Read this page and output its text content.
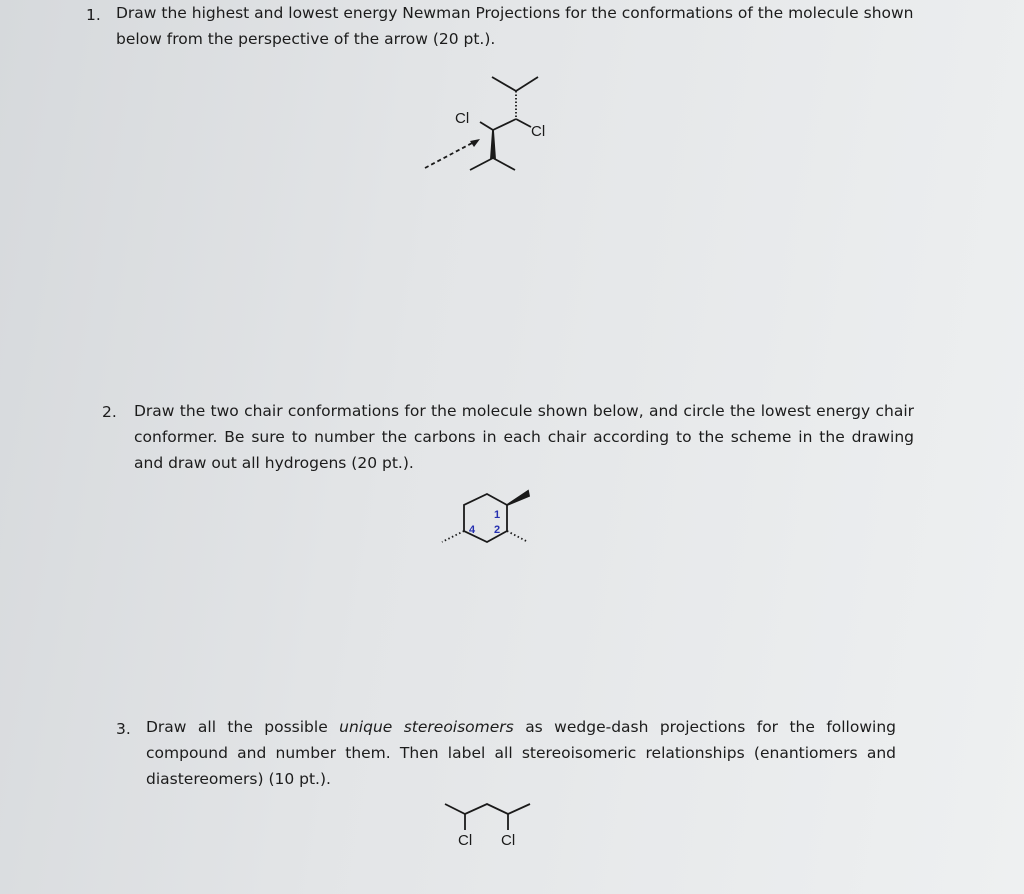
1. Draw the highest and lowest energy Newman Projections for the conformations of the molecule shown below from the perspective of the arrow (20 pt.).
2. Draw the two chair conformations for the molecule shown below, and circle the lowest energy chair conformer. Be sure to number the carbons in each chair according to the scheme in the drawing and draw out all hydrogens (20 pt.).
3. Draw all the possible unique stereoisomers as wedge-dash projections for the following compound and number them. Then label all stereoisomeric relationships (enantiomers and diastereomers) (10 pt.).
Cl
Cl
1
2
4
Cl Cl
